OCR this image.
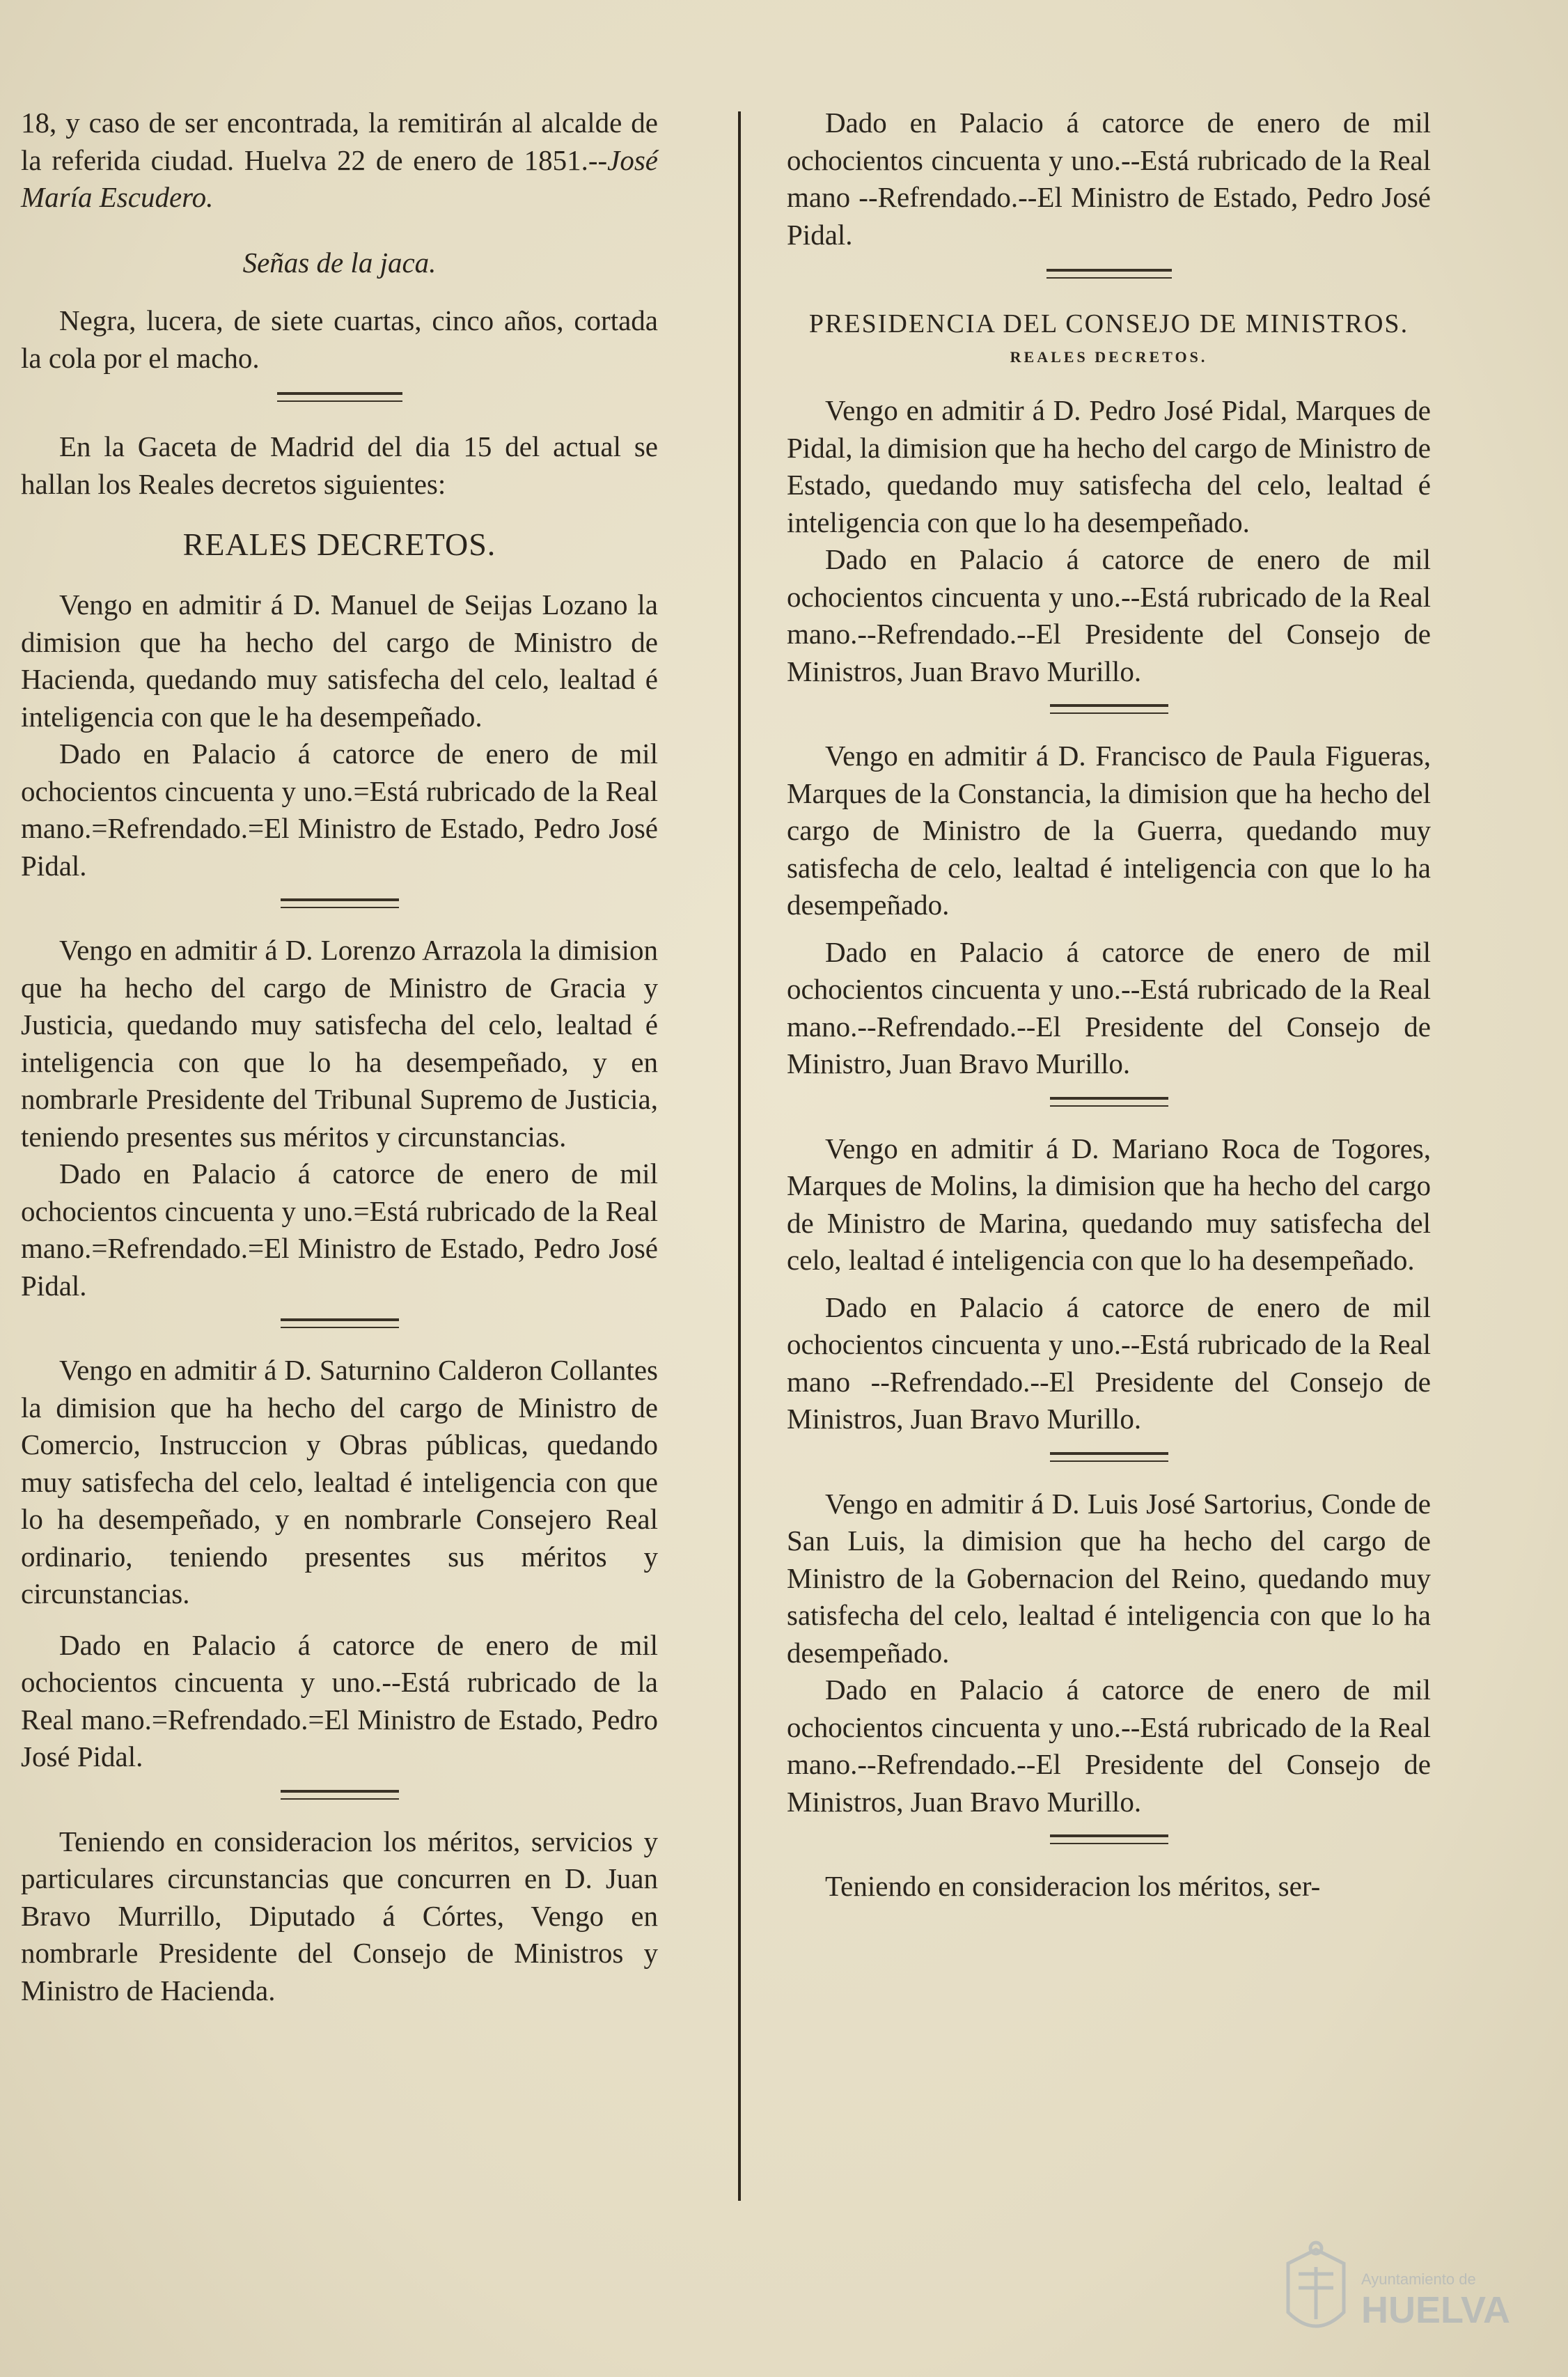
18, y caso de ser encontrada, la remitirán al alcalde de la referida ciudad. Huelva 22 de enero de 1851.--José María Escudero.

Señas de la jaca.

Negra, lucera, de siete cuartas, cinco años, cortada la cola por el macho.

En la Gaceta de Madrid del dia 15 del actual se hallan los Reales decretos siguientes:

REALES DECRETOS.

Vengo en admitir á D. Manuel de Seijas Lozano la dimision que ha hecho del cargo de Ministro de Hacienda, quedando muy satisfecha del celo, lealtad é inteligencia con que le ha desempeñado.

Dado en Palacio á catorce de enero de mil ochocientos cincuenta y uno.=Está rubricado de la Real mano.=Refrendado.=El Ministro de Estado, Pedro José Pidal.

Vengo en admitir á D. Lorenzo Arrazola la dimision que ha hecho del cargo de Ministro de Gracia y Justicia, quedando muy satisfecha del celo, lealtad é inteligencia con que lo ha desempeñado, y en nombrarle Presidente del Tribunal Supremo de Justicia, teniendo presentes sus méritos y circunstancias.

Dado en Palacio á catorce de enero de mil ochocientos cincuenta y uno.=Está rubricado de la Real mano.=Refrendado.=El Ministro de Estado, Pedro José Pidal.

Vengo en admitir á D. Saturnino Calderon Collantes la dimision que ha hecho del cargo de Ministro de Comercio, Instruccion y Obras públicas, quedando muy satisfecha del celo, lealtad é inteligencia con que lo ha desempeñado, y en nombrarle Consejero Real ordinario, teniendo presentes sus méritos y circunstancias.

Dado en Palacio á catorce de enero de mil ochocientos cincuenta y uno.--Está rubricado de la Real mano.=Refrendado.=El Ministro de Estado, Pedro José Pidal.

Teniendo en consideracion los méritos, servicios y particulares circunstancias que concurren en D. Juan Bravo Murrillo, Diputado á Córtes, Vengo en nombrarle Presidente del Consejo de Ministros y Ministro de Hacienda.

Dado en Palacio á catorce de enero de mil ochocientos cincuenta y uno.--Está rubricado de la Real mano --Refrendado.--El Ministro de Estado, Pedro José Pidal.

PRESIDENCIA DEL CONSEJO DE MINISTROS.

REALES DECRETOS.

Vengo en admitir á D. Pedro José Pidal, Marques de Pidal, la dimision que ha hecho del cargo de Ministro de Estado, quedando muy satisfecha del celo, lealtad é inteligencia con que lo ha desempeñado.

Dado en Palacio á catorce de enero de mil ochocientos cincuenta y uno.--Está rubricado de la Real mano.--Refrendado.--El Presidente del Consejo de Ministros, Juan Bravo Murillo.

Vengo en admitir á D. Francisco de Paula Figueras, Marques de la Constancia, la dimision que ha hecho del cargo de Ministro de la Guerra, quedando muy satisfecha de celo, lealtad é inteligencia con que lo ha desempeñado.

Dado en Palacio á catorce de enero de mil ochocientos cincuenta y uno.--Está rubricado de la Real mano.--Refrendado.--El Presidente del Consejo de Ministro, Juan Bravo Murillo.

Vengo en admitir á D. Mariano Roca de Togores, Marques de Molins, la dimision que ha hecho del cargo de Ministro de Marina, quedando muy satisfecha del celo, lealtad é inteligencia con que lo ha desempeñado.

Dado en Palacio á catorce de enero de mil ochocientos cincuenta y uno.--Está rubricado de la Real mano --Refrendado.--El Presidente del Consejo de Ministros, Juan Bravo Murillo.

Vengo en admitir á D. Luis José Sartorius, Conde de San Luis, la dimision que ha hecho del cargo de Ministro de la Gobernacion del Reino, quedando muy satisfecha del celo, lealtad é inteligencia con que lo ha desempeñado.

Dado en Palacio á catorce de enero de mil ochocientos cincuenta y uno.--Está rubricado de la Real mano.--Refrendado.--El Presidente del Consejo de Ministros, Juan Bravo Murillo.

Teniendo en consideracion los méritos, ser-

Ayuntamiento de
HUELVA
